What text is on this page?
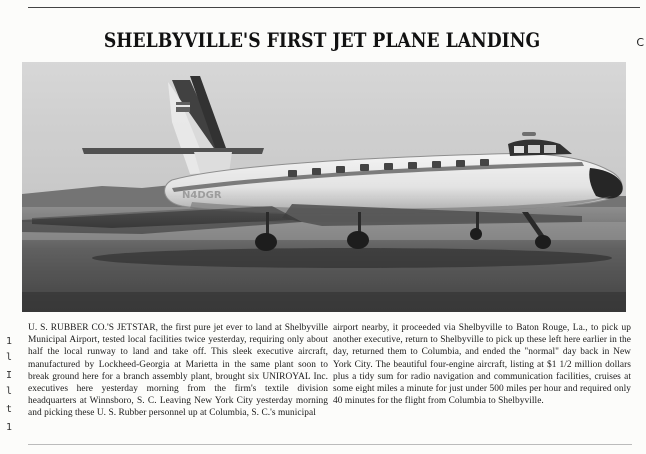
1
l
I
l
t
1
C
SHELBYVILLE'S FIRST JET PLANE LANDING
N4DGR
U. S. RUBBER CO.'S JETSTAR, the first pure jet ever to land at Shelbyville Municipal Airport, tested local facilities twice yesterday, requiring only about half the local runway to land and take off. This sleek executive aircraft, manufactured by Lockheed-Georgia at Marietta in the same plant soon to break ground here for a branch assembly plant, brought six UNIROYAL Inc. executives here yesterday morning from the firm's textile division headquarters at Winnsboro, S. C. Leaving New York City yesterday morning and picking these U. S. Rubber personnel up at Columbia, S. C.'s municipal
airport nearby, it proceeded via Shelbyville to Baton Rouge, La., to pick up another executive, return to Shelbyville to pick up these left here earlier in the day, returned them to Columbia, and ended the "normal" day back in New York City. The beautiful four-engine aircraft, listing at $1 1/2 million dollars plus a tidy sum for radio navigation and communication facilities, cruises at some eight miles a minute for just under 500 miles per hour and required only 40 minutes for the flight from Columbia to Shelbyville.
